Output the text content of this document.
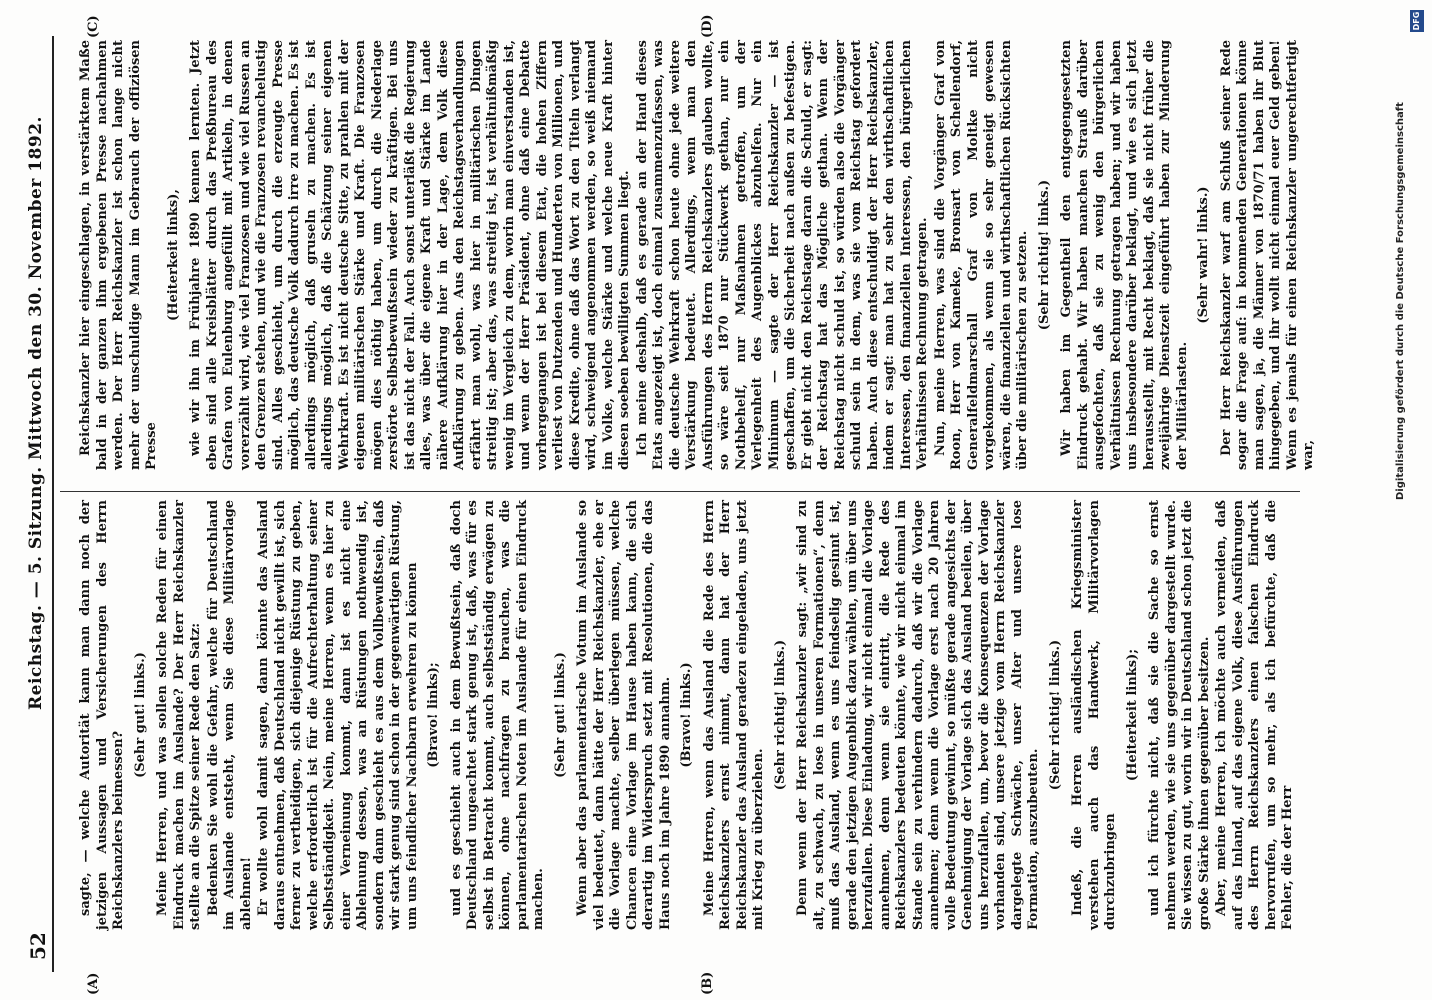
52
Reichstag. — 5. Sitzung. Mittwoch den 30. November 1892.
(A)	(B)
(C)	(D)

sagte, — welche Autorität kann man dann noch der jetzigen Aussagen und Versicherungen des Herrn Reichskanzlers beimessen?

(Sehr gut! links.) Meine Herren, und was sollen solche Reden für einen Eindruck machen im Auslande? Der Herr Reichskanzler stellte an die Spitze seiner Rede den Satz: Bedenken Sie wohl die Gefahr, welche für Deutschland im Auslande entsteht, wenn Sie diese Militärvorlage ablehnen! Er wollte wohl damit sagen, dann könnte das Ausland daraus entnehmen, daß Deutschland nicht gewillt ist, sich ferner zu vertheidigen, sich diejenige Rüstung zu geben, welche erforderlich ist für die Aufrechterhaltung seiner Selbstständigkeit. Nein, meine Herren, wenn es hier zu einer Verneinung kommt, dann ist es nicht eine Ablehnung dessen, was an Rüstungen nothwendig ist, sondern dann geschieht es aus dem Vollbewußtsein, daß wir stark genug sind schon in der gegenwärtigen Rüstung, um uns feindlicher Nachbarn erwehren zu können (Bravo! links); und es geschieht auch in dem Bewußtsein, daß doch Deutschland ungeachtet stark genug ist, daß, was für es selbst in Betracht kommt, auch selbstständig erwägen zu können, ohne nachfragen zu brauchen, was die parlamentarischen Noten im Auslande für einen Eindruck machen.

(Sehr gut! links.) Wenn aber das parlamentarische Votum im Auslande so viel bedeutet, dann hätte der Herr Reichskanzler, ehe er die Vorlage machte, selber überlegen müssen, welche Chancen eine Vorlage im Hause haben kann, die sich derartig im Widerspruch setzt mit Resolutionen, die das Haus noch im Jahre 1890 annahm. (Bravo! links.) Meine Herren, wenn das Ausland die Rede des Herrn Reichskanzlers ernst nimmt, dann hat der Herr Reichskanzler das Ausland geradezu eingeladen, uns jetzt mit Krieg zu überziehen.

(Sehr richtig! links.) Denn wenn der Herr Reichskanzler sagt: „wir sind zu alt, zu schwach, zu lose in unseren Formationen“, denn muß das Ausland, wenn es uns feindselig gesinnt ist, gerade den jetzigen Augenblick dazu wählen, um über uns herzufallen. Diese Einladung, wir nicht einmal die Vorlage annehmen, denn wenn sie eintritt, die Rede des Reichskanzlers bedeuten könnte, wie wir nicht einmal im Stande sein zu verhindern dadurch, daß wir die Vorlage annehmen; denn wenn die Vorlage erst nach 20 Jahren volle Bedeutung gewinnt, so müßte gerade angesichts der Genehmigung der Vorlage sich das Ausland beeilen, über uns herzufallen, um, bevor die Konsequenzen der Vorlage vorhanden sind, unsere jetzige vom Herrn Reichskanzler dargelegte Schwäche, unser Alter und unsere lose Formation, auszubeuten.

(Sehr richtig! links.) Indeß, die Herren ausländischen Kriegsminister verstehen auch das Handwerk, Militärvorlagen durchzubringen

(Heiterkeit links); und ich fürchte nicht, daß sie die Sache so ernst nehmen werden, wie sie uns gegenüber dargestellt wurde. Sie wissen zu gut, worin wir in Deutschland schon jetzt die große Stärke ihnen gegenüber besitzen. Aber, meine Herren, ich möchte auch vermeiden, daß auf das Inland, auf das eigene Volk, diese Ausführungen des Herrn Reichskanzlers einen falschen Eindruck hervorrufen, um so mehr, als ich befürchte, daß die Fehler, die der Herr

Reichskanzler hier eingeschlagen, in verstärktem Maße bald in der ganzen ihm ergebenen Presse nachahmen werden. Der Herr Reichskanzler ist schon lange nicht mehr der unschuldige Mann im Gebrauch der offiziösen Presse

(Heiterkeit links), wie wir ihn im Frühjahre 1890 kennen lernten. Jetzt eben sind alle Kreisblätter durch das Preßbureau des Grafen von Eulenburg angefüllt mit Artikeln, in denen vorerzählt wird, wie viel Franzosen und wie viel Russen an den Grenzen stehen, und wie die Franzosen revanchelustig sind. Alles geschieht, um durch die erzeugte Presse möglich, das deutsche Volk dadurch irre zu machen. Es ist allerdings möglich, daß gruseln zu machen. Es ist allerdings möglich, daß die Schätzung seiner eigenen Wehrkraft. Es ist nicht deutsche Sitte, zu prahlen mit der eigenen militärischen Stärke und Kraft. Die Franzosen mögen dies nöthig haben, um durch die Niederlage zerstörte Selbstbewußtsein wieder zu kräftigen. Bei uns ist das nicht der Fall. Auch sonst unterläßt die Regierung alles, was über die eigene Kraft und Stärke im Lande nähere Aufklärung hier in der Lage, dem Volk diese Aufklärung zu geben. Aus den Reichstagsverhandlungen erfährt man wohl, was hier in militärischen Dingen streitig ist; aber das, was streitig ist, ist verhältnißmäßig wenig im Vergleich zu dem, worin man einverstanden ist, und wenn der Herr Präsident, ohne daß eine Debatte vorhergegangen ist bei diesem Etat, die hohen Ziffern verliest von Dutzenden und Hunderten von Millionen, und diese Kredite, ohne daß das Wort zu den Titeln verlangt wird, schweigend angenommen werden, so weiß niemand im Volke, welche Stärke und welche neue Kraft hinter diesen soeben bewilligten Summen liegt. Ich meine deshalb, daß es gerade an der Hand dieses Etats angezeigt ist, doch einmal zusammenzufassen, was die deutsche Wehrkraft schon heute ohne jede weitere Verstärkung bedeutet. Allerdings, wenn man den Ausführungen des Herrn Reichskanzlers glauben wollte, so wäre seit 1870 nur Stückwerk gethan, nur ein Nothbehelf, nur Maßnahmen getroffen, um der Verlegenheit des Augenblickes abzuhelfen. Nur ein Minimum — sagte der Herr Reichskanzler — ist geschaffen, um die Sicherheit nach außen zu befestigen. Er giebt nicht den Reichstage daran die Schuld, er sagt: der Reichstag hat das Mögliche gethan. Wenn der Reichstag nicht schuld ist, so würden also die Vorgänger schuld sein in dem, was sie vom Reichstag gefordert haben. Auch diese entschuldigt der Herr Reichskanzler, indem er sagt: man hat zu sehr den wirthschaftlichen Interessen, den finanziellen Interessen, den bürgerlichen Verhältnissen Rechnung getragen. Nun, meine Herren, was sind die Vorgänger Graf von Roon, Herr von Kameke, Bronsart von Schellendorf, Generalfeldmarschall Graf von Moltke nicht vorgekommen, als wenn sie so sehr geneigt gewesen wären, die finanziellen und wirthschaftlichen Rücksichten über die militärischen zu setzen. (Sehr richtig! links.) Wir haben im Gegentheil den entgegengesetzten Eindruck gehabt. Wir haben manchen Strauß darüber ausgefochten, daß sie zu wenig den bürgerlichen Verhältnissen Rechnung getragen haben; und wir haben uns insbesondere darüber beklagt, und wie es sich jetzt herausstellt, mit Recht beklagt, daß sie nicht früher die zweijährige Dienstzeit eingeführt haben zur Minderung der Militärlasten.

(Sehr wahr! links.) Der Herr Reichskanzler warf am Schluß seiner Rede sogar die Frage auf: in kommenden Generationen könne man sagen, ja, die Männer von 1870/71 haben ihr Blut hingegeben, und ihr wollt nicht einmal euer Geld geben! Wenn es jemals für einen Reichskanzler ungerechtfertigt war,	Digitalisierung gefördert durch die Deutsche Forschungsgemeinschaft
DFG
